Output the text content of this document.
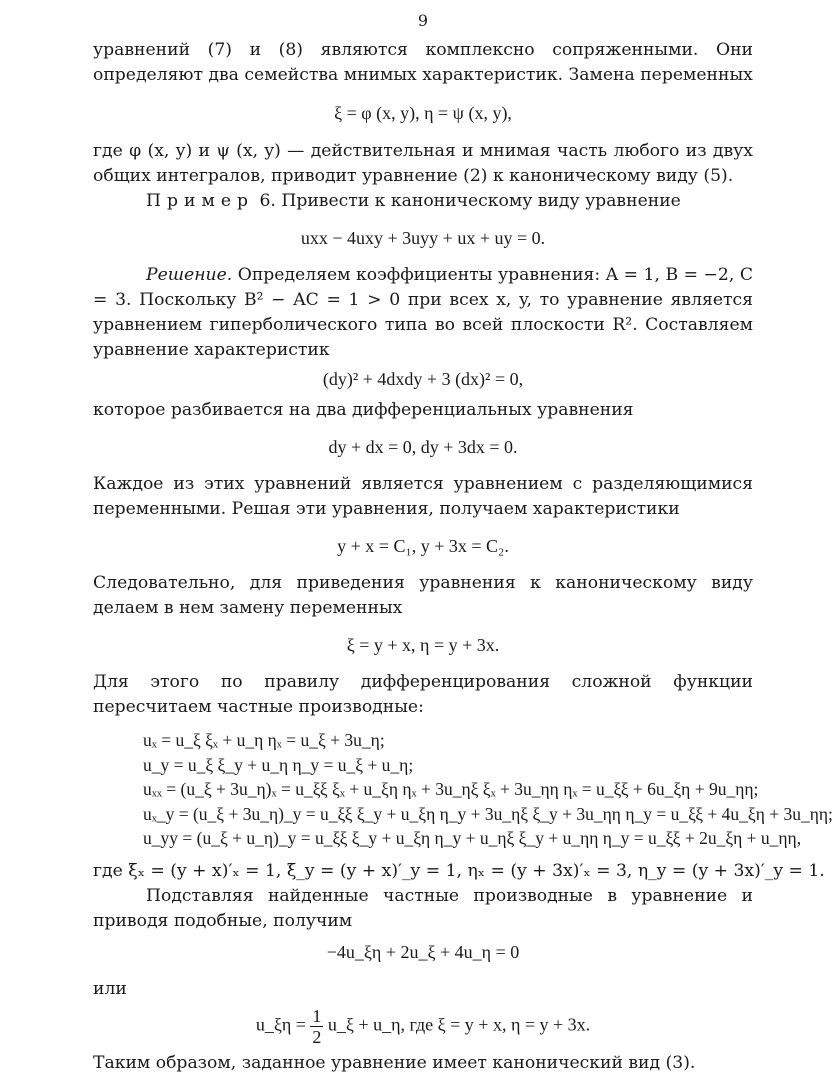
9

уравнений (7) и (8) являются комплексно сопряженными. Они определяют два семейства мнимых характеристик. Замена переменных

ξ = φ (x, y), η = ψ (x, y),

где φ (x, y) и ψ (x, y) — действительная и мнимая часть любого из двух общих интегралов, приводит уравнение (2) к каноническому виду (5).

Пример 6. Привести к каноническому виду уравнение

uxx − 4uxy + 3uyy + ux + uy = 0.

Решение. Определяем коэффициенты уравнения: A = 1, B = −2, C = 3. Поскольку B² − AC = 1 > 0 при всех x, y, то уравнение является уравнением гиперболического типа во всей плоскости R². Составляем уравнение характеристик

(dy)² + 4dxdy + 3 (dx)² = 0,

которое разбивается на два дифференциальных уравнения

dy + dx = 0, dy + 3dx = 0.

Каждое из этих уравнений является уравнением с разделяющимися переменными. Решая эти уравнения, получаем характеристики

y + x = C₁, y + 3x = C₂.

Следовательно, для приведения уравнения к каноническому виду делаем в нем замену переменных

ξ = y + x, η = y + 3x.

Для этого по правилу дифференцирования сложной функции пересчитаем частные производные:

uₓ = u_ξ ξₓ + u_η ηₓ = u_ξ + 3u_η;
u_y = u_ξ ξ_y + u_η η_y = u_ξ + u_η;
uₓₓ = (u_ξ + 3u_η)ₓ = u_ξξ ξₓ + u_ξη ηₓ + 3u_ηξ ξₓ + 3u_ηη ηₓ = u_ξξ + 6u_ξη + 9u_ηη;
uₓ_y = (u_ξ + 3u_η)_y = u_ξξ ξ_y + u_ξη η_y + 3u_ηξ ξ_y + 3u_ηη η_y = u_ξξ + 4u_ξη + 3u_ηη;
u_yy = (u_ξ + u_η)_y = u_ξξ ξ_y + u_ξη η_y + u_ηξ ξ_y + u_ηη η_y = u_ξξ + 2u_ξη + u_ηη,

где ξₓ = (y + x)′ₓ = 1, ξ_y = (y + x)′_y = 1, ηₓ = (y + 3x)′ₓ = 3, η_y = (y + 3x)′_y = 1.

Подставляя найденные частные производные в уравнение и приводя подобные, получим

−4u_ξη + 2u_ξ + 4u_η = 0

или

u_ξη = $\frac{1}{2}$ u_ξ + u_η, где ξ = y + x, η = y + 3x.

Таким образом, заданное уравнение имеет канонический вид (3).
